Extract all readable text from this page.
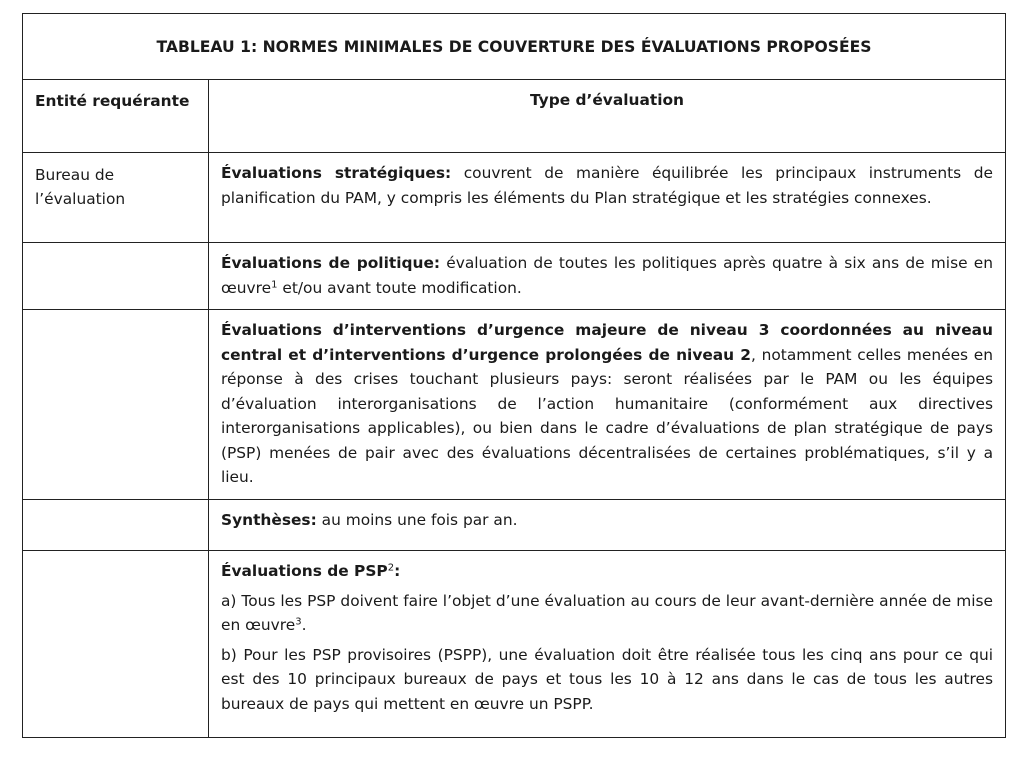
TABLEAU 1: NORMES MINIMALES DE COUVERTURE DES ÉVALUATIONS PROPOSÉES	
Entité requérante	Type d’évaluation
Bureau de l’évaluation	Évaluations stratégiques: couvrent de manière équilibrée les principaux instruments de planification du PAM, y compris les éléments du Plan stratégique et les stratégies connexes.
	Évaluations de politique: évaluation de toutes les politiques après quatre à six ans de mise en œuvre$^1$ et/ou avant toute modification.
	Évaluations d’interventions d’urgence majeure de niveau 3 coordonnées au niveau central et d’interventions d’urgence prolongées de niveau 2, notamment celles menées en réponse à des crises touchant plusieurs pays: seront réalisées par le PAM ou les équipes d’évaluation interorganisations de l’action humanitaire (conformément aux directives interorganisations applicables), ou bien dans le cadre d’évaluations de plan stratégique de pays (PSP) menées de pair avec des évaluations décentralisées de certaines problématiques, s’il y a lieu.
	Synthèses: au moins une fois par an.

	Évaluations de PSP$^2$:

a) Tous les PSP doivent faire l’objet d’une évaluation au cours de leur avant-dernière année de mise en œuvre$^3$.

b) Pour les PSP provisoires (PSPP), une évaluation doit être réalisée tous les cinq ans pour ce qui est des 10 principaux bureaux de pays et tous les 10 à 12 ans dans le cas de tous les autres bureaux de pays qui mettent en œuvre un PSPP.
